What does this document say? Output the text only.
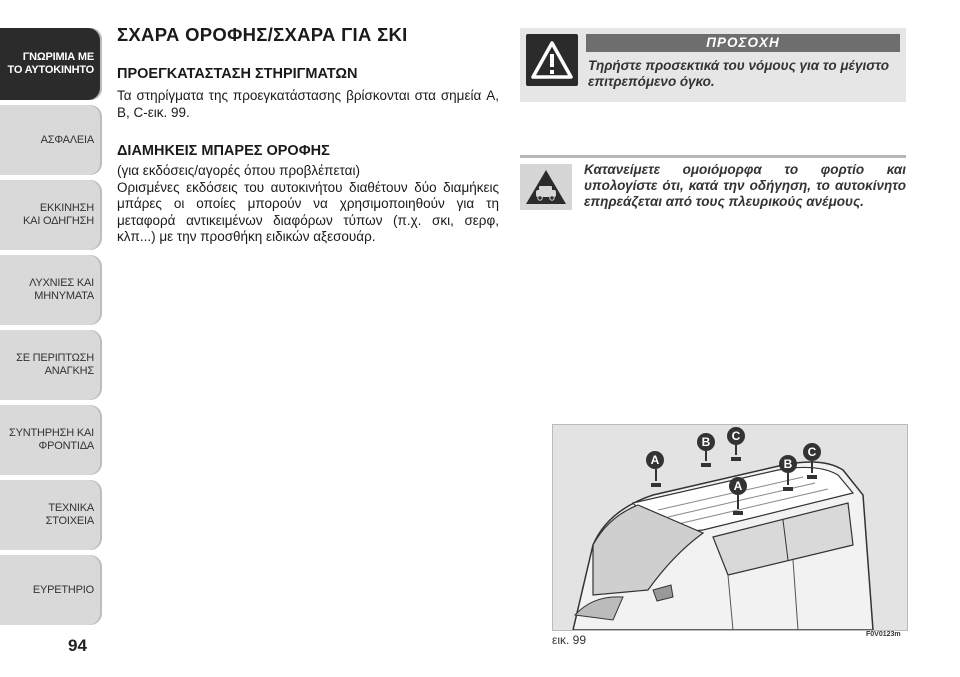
ΓΝΩΡΙΜΙΑ ΜΕ
ΤΟ ΑΥΤΟΚΙΝΗΤΟ
ΑΣΦΑΛΕΙΑ
ΕΚΚΙΝΗΣΗ
ΚΑΙ ΟΔΗΓΗΣΗ
ΛΥΧΝΙΕΣ ΚΑΙ
ΜΗΝΥΜΑΤΑ
ΣΕ ΠΕΡΙΠΤΩΣΗ
ΑΝΑΓΚΗΣ
ΣΥΝΤΗΡΗΣΗ ΚΑΙ
ΦΡΟΝΤΙΔΑ
ΤΕΧΝΙΚΑ
ΣΤΟΙΧΕΙΑ
ΕΥΡΕΤΗΡΙΟ
94
ΣΧΑΡΑ ΟΡΟΦΗΣ/ΣΧΑΡΑ ΓΙΑ ΣΚΙ
ΠΡΟΕΓΚΑΤΑΣΤΑΣΗ ΣΤΗΡΙΓΜΑΤΩΝ

Τα στηρίγματα της προεγκατάστασης βρίσκονται στα σημεία A, B, C-εικ. 99.

ΔΙΑΜΗΚΕΙΣ ΜΠΑΡΕΣ ΟΡΟΦΗΣ

(για εκδόσεις/αγορές όπου προβλέπεται)

Ορισμένες εκδόσεις του αυτοκινήτου διαθέτουν δύο διαμήκεις μπάρες οι οποίες μπορούν να χρησιμοποιηθούν για τη μεταφορά αντικειμένων διαφόρων τύπων (π.χ. σκι, σερφ, κλπ...) με την προσθήκη ειδικών αξεσουάρ.

ΠΡΟΣΟΧΗ
Τηρήστε προσεκτικά του νόμους για το μέγιστο επιτρεπόμενο όγκο.
Κατανείμετε ομοιόμορφα το φορτίο και υπολογίστε ότι, κατά την οδήγηση, το αυτοκίνητο επηρεάζεται από τους πλευρικούς ανέμους.
A
B	C
A
B
C
εικ. 99	F0V0123m
